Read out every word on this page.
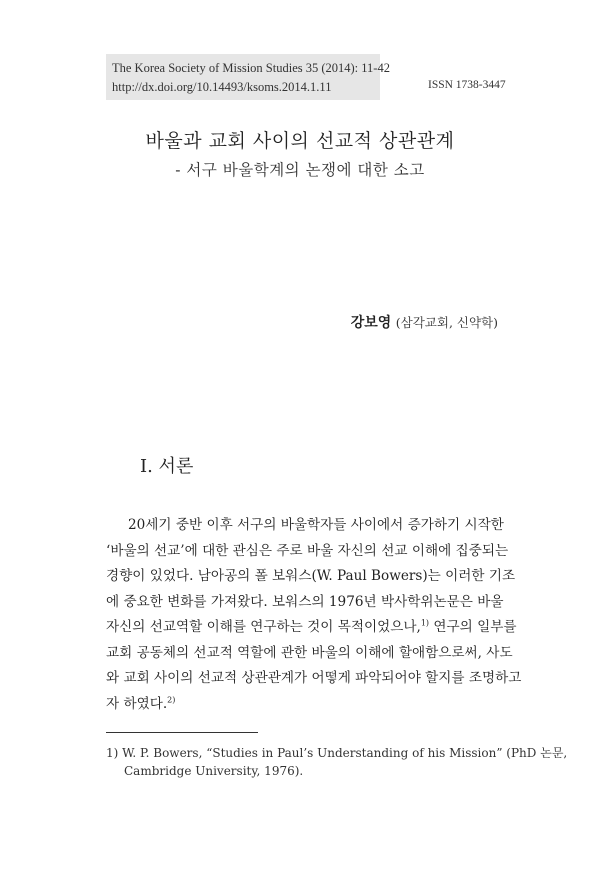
The Korea Society of Mission Studies 35 (2014): 11-42
http://dx.doi.org/10.14493/ksoms.2014.1.11	ISSN 1738-3447
바울과 교회 사이의 선교적 상관관계
- 서구 바울학계의 논쟁에 대한 소고
강보영 (삼각교회, 신약학)
Ⅰ. 서론
20세기 중반 이후 서구의 바울학자들 사이에서 증가하기 시작한
‘바울의 선교’에 대한 관심은 주로 바울 자신의 선교 이해에 집중되는
경향이 있었다. 남아공의 폴 보워스(W. Paul Bowers)는 이러한 기조
에 중요한 변화를 가져왔다. 보워스의 1976년 박사학위논문은 바울
자신의 선교역할 이해를 연구하는 것이 목적이었으나,$^{1)}$ 연구의 일부를
교회 공동체의 선교적 역할에 관한 바울의 이해에 할애함으로써, 사도
와 교회 사이의 선교적 상관관계가 어떻게 파악되어야 할지를 조명하고
자 하였다.$^{2)}$
1) W. P. Bowers, “Studies in Paul’s Understanding of his Mission” (PhD 논문,
Cambridge University, 1976).
